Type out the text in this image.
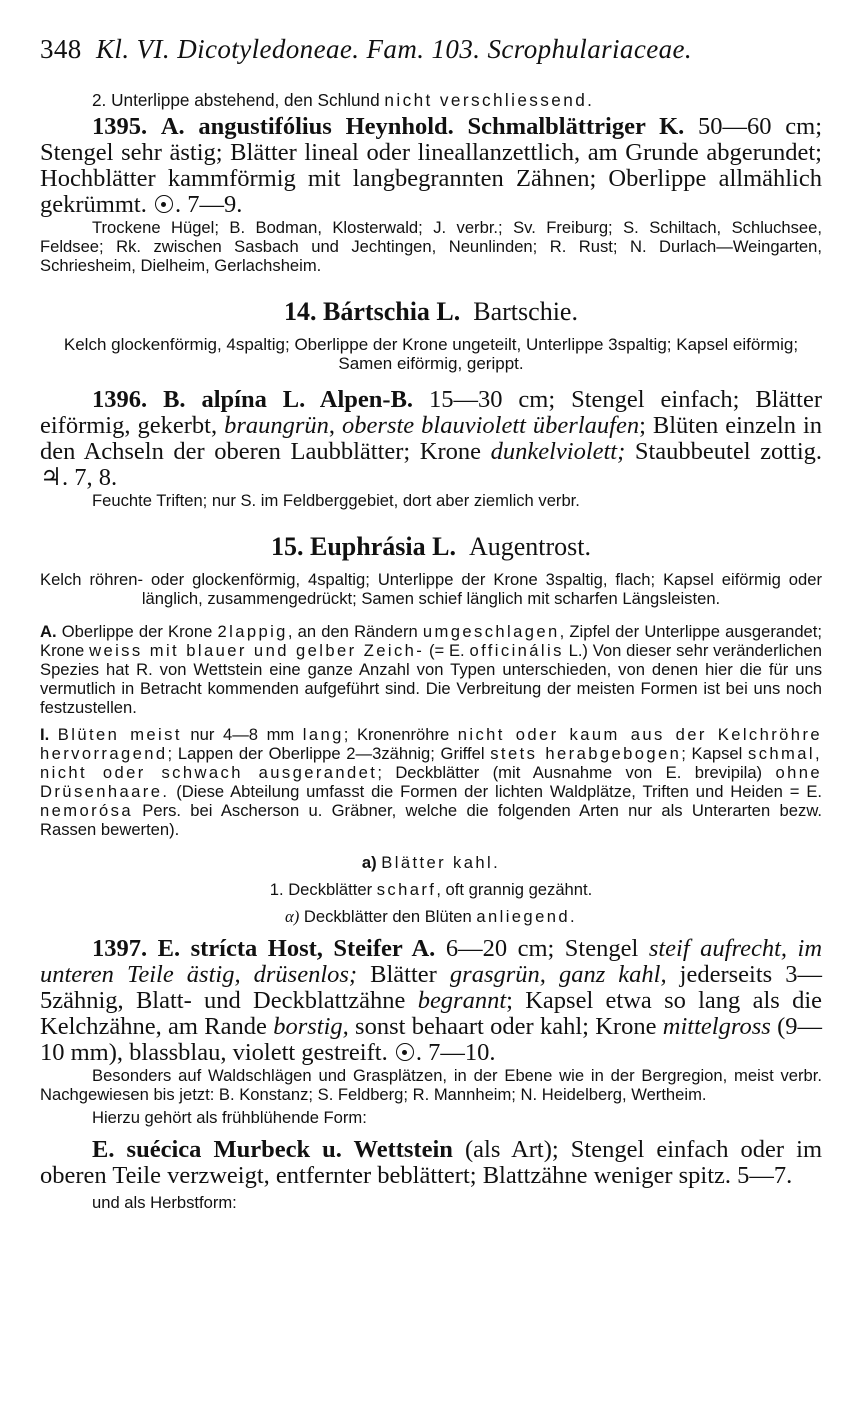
348 Kl. VI. Dicotyledoneae. Fam. 103. Scrophulariaceae.
2. Unterlippe abstehend, den Schlund nicht verschliessend.
1395. A. angustifólius Heynhold. Schmalblättriger K. 50—60 cm; Stengel sehr ästig; Blätter lineal oder lineallanzettlich, am Grunde abgerundet; Hochblätter kammförmig mit langbegrannten Zähnen; Oberlippe allmählich gekrümmt. . 7—9.
Trockene Hügel; B. Bodman, Klosterwald; J. verbr.; Sv. Freiburg; S. Schiltach, Schluchsee, Feldsee; Rk. zwischen Sasbach und Jechtingen, Neunlinden; R. Rust; N. Durlach—Weingarten, Schriesheim, Dielheim, Gerlachsheim.
14. Bártschia L. Bartschie.
Kelch glockenförmig, 4spaltig; Oberlippe der Krone ungeteilt, Unterlippe 3spaltig; Kapsel eiförmig; Samen eiförmig, gerippt.
1396. B. alpína L. Alpen-B. 15—30 cm; Stengel einfach; Blätter eiförmig, gekerbt, braungrün, oberste blauviolett überlaufen; Blüten einzeln in den Achseln der oberen Laubblätter; Krone dunkelviolett; Staubbeutel zottig. ♃. 7, 8.
Feuchte Triften; nur S. im Feldberggebiet, dort aber ziemlich verbr.
15. Euphrásia L. Augentrost.
Kelch röhren- oder glockenförmig, 4spaltig; Unterlippe der Krone 3spaltig, flach; Kapsel eiförmig oder länglich, zusammengedrückt; Samen schief länglich mit scharfen Längsleisten.
A. Oberlippe der Krone 2lappig, an den Rändern umgeschlagen, Zipfel der Unterlippe ausgerandet; Krone weiss mit blauer und gelber Zeich- (= E. officinális L.) Von dieser sehr veränderlichen Spezies hat R. von Wettstein eine ganze Anzahl von Typen unterschieden, von denen hier die für uns vermutlich in Betracht kommenden aufgeführt sind. Die Verbreitung der meisten Formen ist bei uns noch festzustellen.
I. Blüten meist nur 4—8 mm lang; Kronenröhre nicht oder kaum aus der Kelchröhre hervorragend; Lappen der Oberlippe 2—3zähnig; Griffel stets herabgebogen; Kapsel schmal, nicht oder schwach ausgerandet; Deckblätter (mit Ausnahme von E. brevipila) ohne Drüsenhaare. (Diese Abteilung umfasst die Formen der lichten Waldplätze, Triften und Heiden = E. nemorósa Pers. bei Ascherson u. Gräbner, welche die folgenden Arten nur als Unterarten bezw. Rassen bewerten).
a) Blätter kahl.
1. Deckblätter scharf, oft grannig gezähnt.
α) Deckblätter den Blüten anliegend.
1397. E. strícta Host, Steifer A. 6—20 cm; Stengel steif aufrecht, im unteren Teile ästig, drüsenlos; Blätter grasgrün, ganz kahl, jederseits 3—5zähnig, Blatt- und Deckblattzähne begrannt; Kapsel etwa so lang als die Kelchzähne, am Rande borstig, sonst behaart oder kahl; Krone mittelgross (9—10 mm), blassblau, violett gestreift. . 7—10.
Besonders auf Waldschlägen und Grasplätzen, in der Ebene wie in der Bergregion, meist verbr. Nachgewiesen bis jetzt: B. Konstanz; S. Feldberg; R. Mannheim; N. Heidelberg, Wertheim.
Hierzu gehört als frühblühende Form:
E. suécica Murbeck u. Wettstein (als Art); Stengel einfach oder im oberen Teile verzweigt, entfernter beblättert; Blattzähne weniger spitz. 5—7.
und als Herbstform:
